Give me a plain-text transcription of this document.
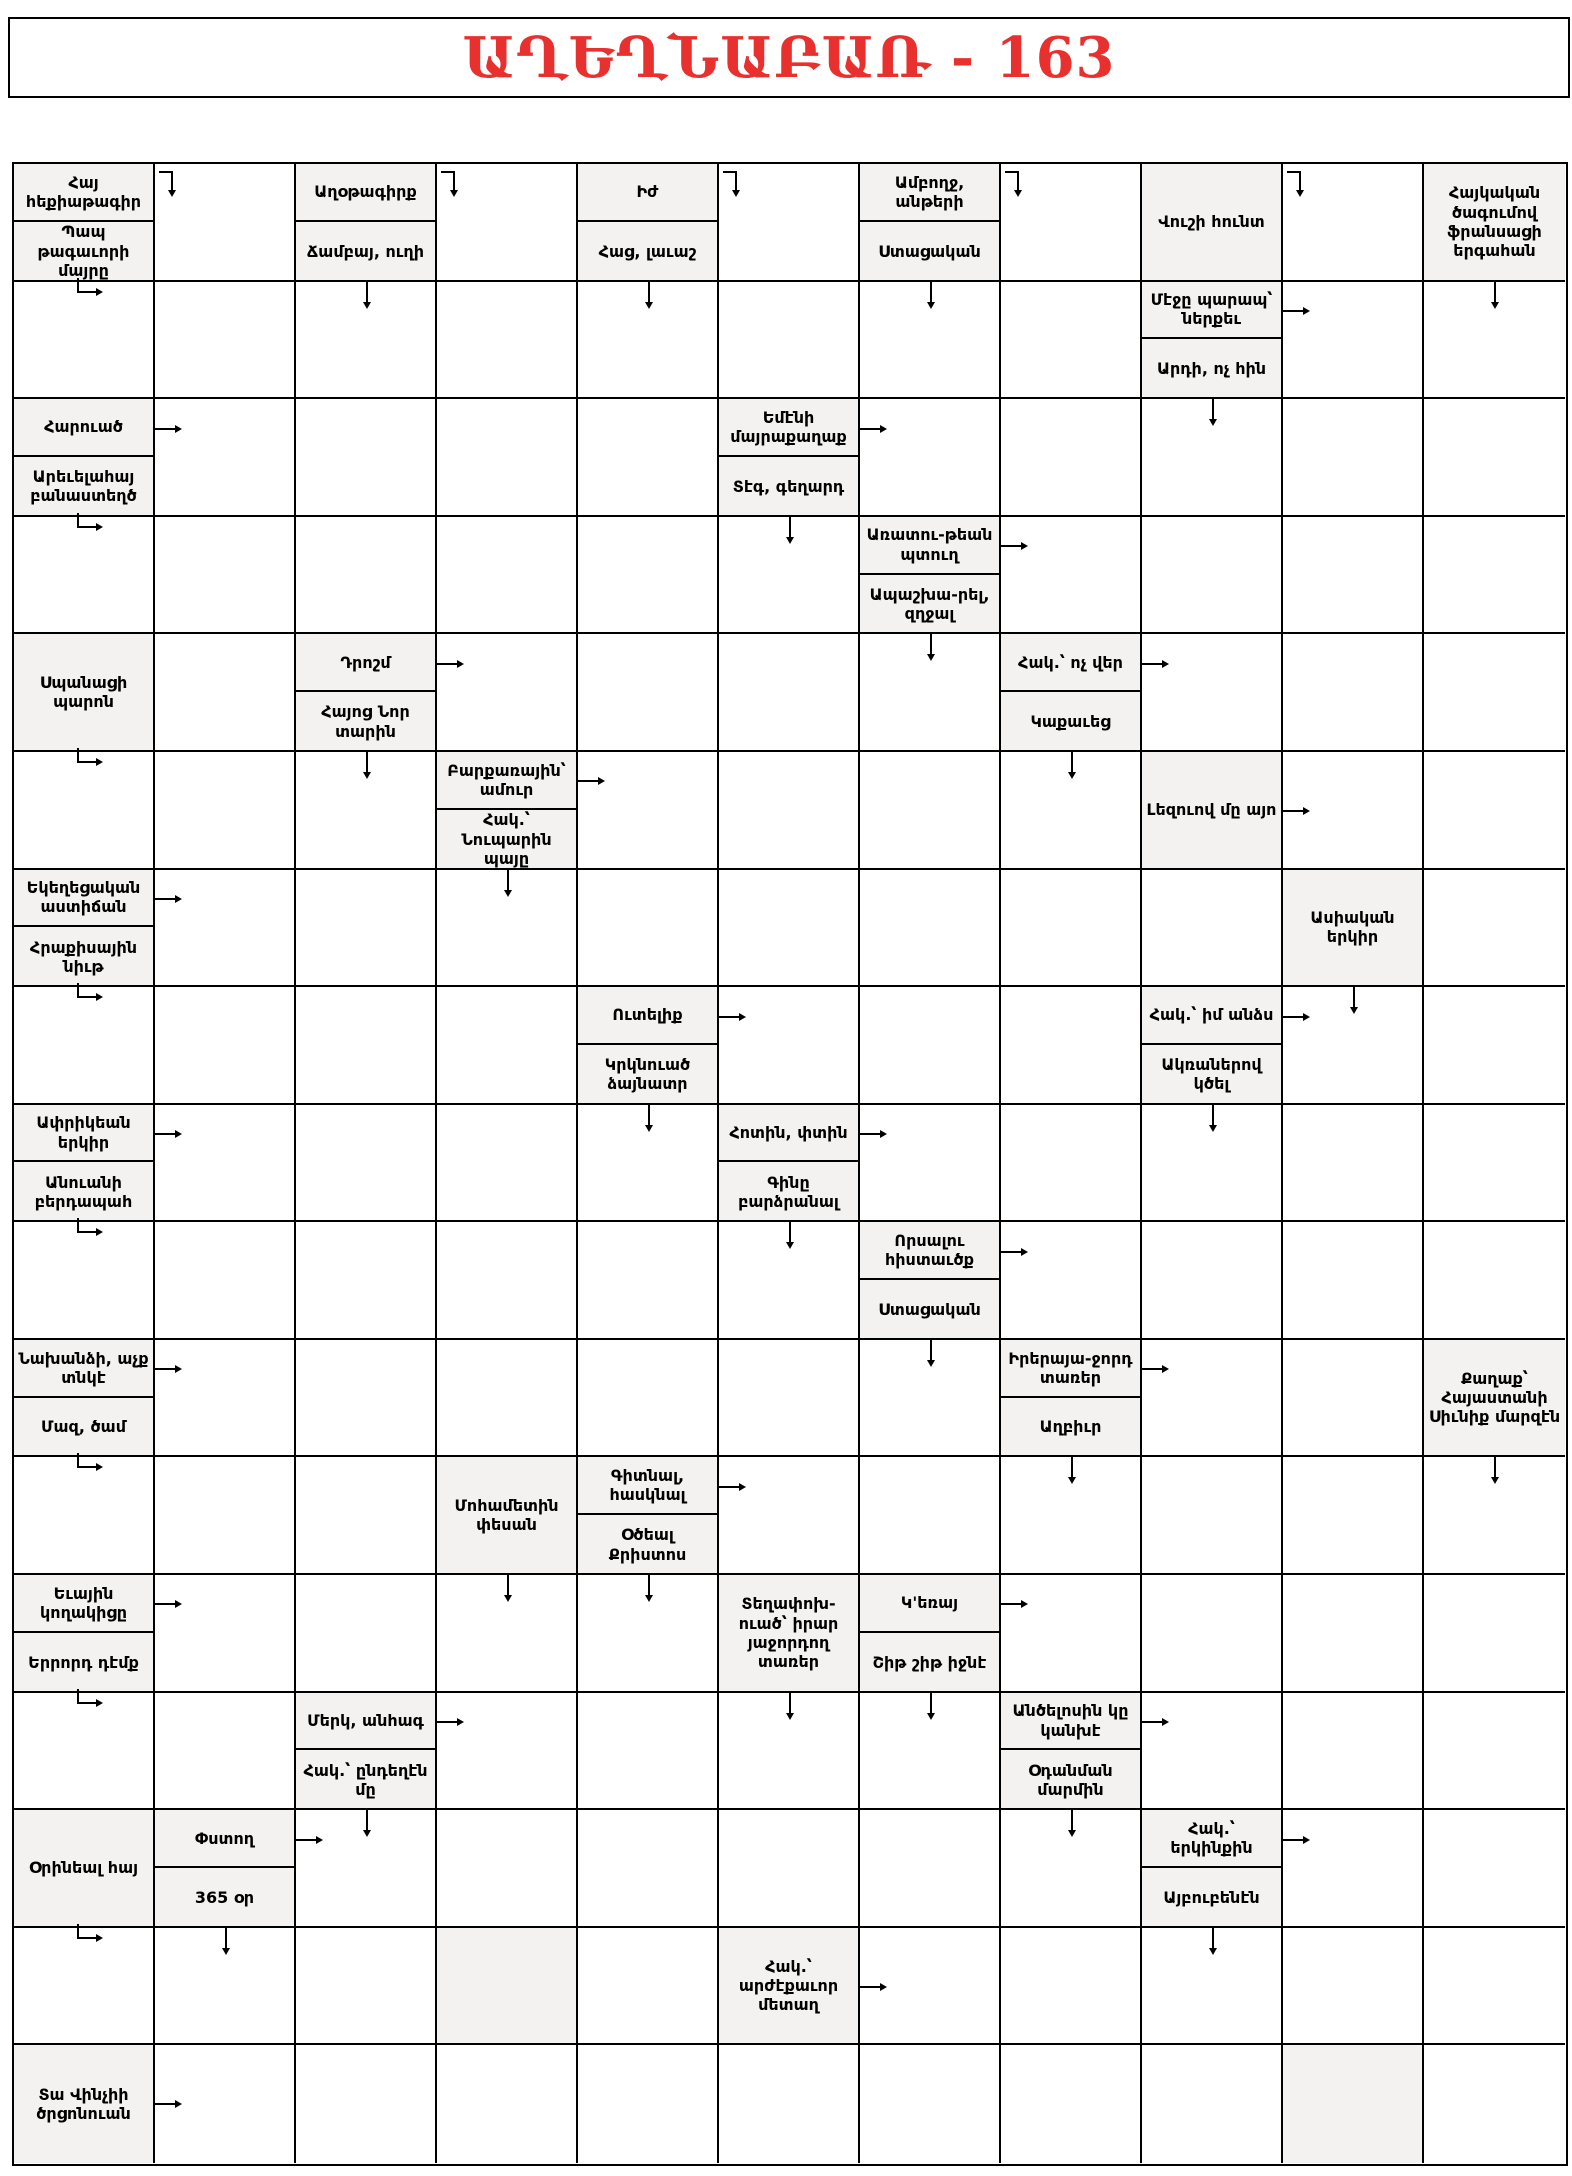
ԱՂԵՂՆԱԲԱՌ - 163
Տա Վինչիի ծրցոնուան
Հակ.՝ արժէքաւոր մետաղ
Հակ.՝ երկինքին
Այբուբենէն
Փստող
365 օր
Օրինեալ հայ
Անծելոսին կը կանխէ
Օդանման մարմին
Մերկ, անհագ
Հակ.՝ ընդեղէն մը
Կ'եռայ
Շիթ շիթ իջնէ
Տեղափոխ-ուած՝ իրար յաջորդող տառեր
Եւային կողակիցը
Երրորդ դէմք
Գիտնալ, հասկնալ
Օծեալ Քրիստոս
Մոհամետին փեսան
Քաղաք՝ Հայաստանի Սիւնիք մարզէն
Իրերայա-ջորդ տառեր
Աղբիւր
Նախանձի, աչք տնկէ
Մազ, ծամ
Որսալու հիստաւծք
Ստացական
Հոտին, փտին
Գինը բարձրանալ
Ափրիկեան երկիր
Անուանի բերդապահ
Հակ.՝ իմ անձս
Ակռաներով կծել
Ուտելիք
Կրկնուած ձայնատր
Ասիական երկիր
Եկեղեցական աստիճան
Հրաքիսային նիւթ
Լեզուով մը այո
Բարքառային՝ ամուր
Հակ.՝ Նուպարին պայը
Հակ.՝ ոչ վեր
Կաքաւեց
Դրոշմ
Հայոց Նոր տարին
Սպանացի պարոն
Առատու-թեան պտուղ
Ապաշխա-րել, զղջալ
Եմէնի մայրաքաղաք
Տէգ, գեղարդ
Հարուած
Արեւելահայ բանաստեղծ
Մէջը պարապ՝ ներքեւ
Արդի, ոչ հին
Հայկական ծագումով ֆրանսացի երգահան
Վուշի հունտ
Ամբողջ, անթերի
Ստացական
Իժ
Հաց, լաւաշ
Աղօթագիրք
Ճամբայ, ուղի
Հայ հեքիաթագիր
Պապ թագաւորի մայրը
